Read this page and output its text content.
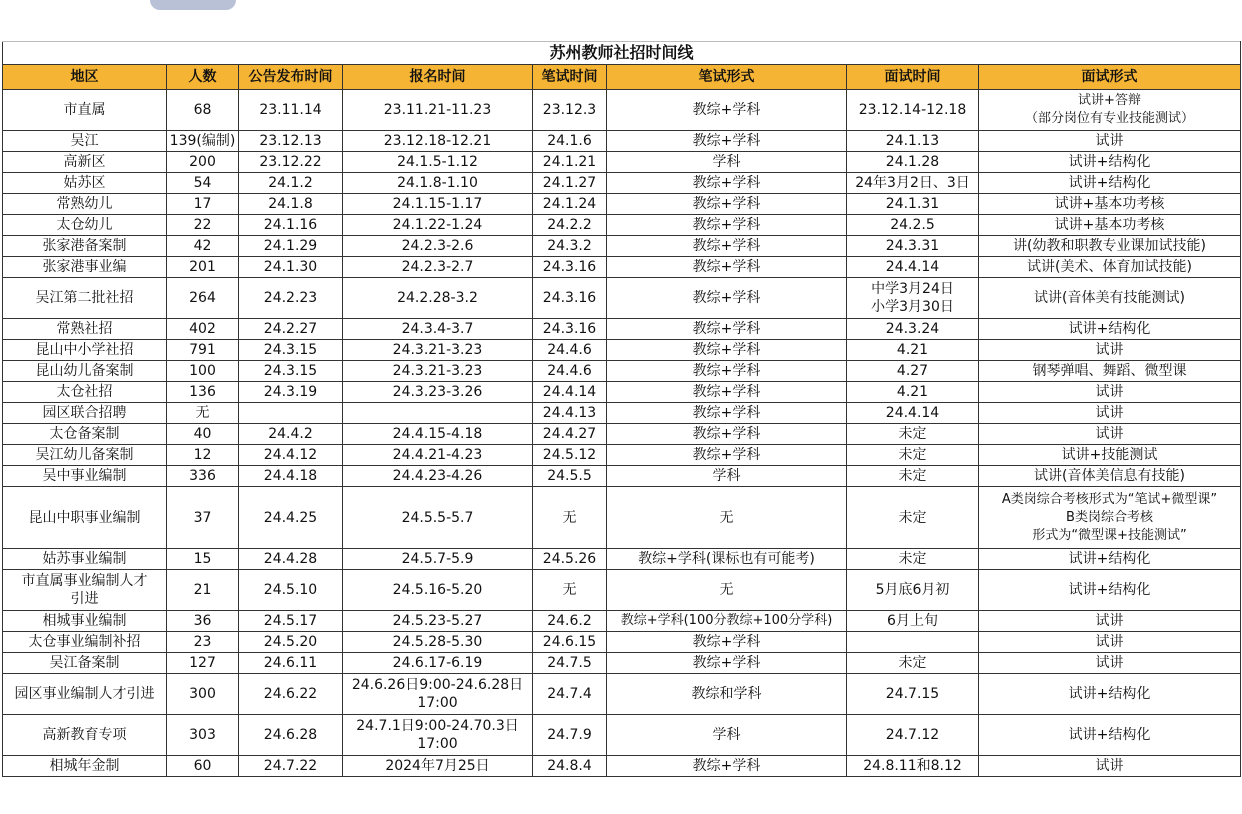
苏州教师社招时间线							
地区	人数	公告发布时间	报名时间	笔试时间	笔试形式	面试时间	面试形式
市直属	68	23.11.14	23.11.21-11.23	23.12.3	教综+学科	23.12.14-12.18	试讲+答辩
（部分岗位有专业技能测试）
吴江	139(编制)	23.12.13	23.12.18-12.21	24.1.6	教综+学科	24.1.13	试讲
高新区	200	23.12.22	24.1.5-1.12	24.1.21	学科	24.1.28	试讲+结构化
姑苏区	54	24.1.2	24.1.8-1.10	24.1.27	教综+学科	24年3月2日、3日	试讲+结构化
常熟幼儿	17	24.1.8	24.1.15-1.17	24.1.24	教综+学科	24.1.31	试讲+基本功考核
太仓幼儿	22	24.1.16	24.1.22-1.24	24.2.2	教综+学科	24.2.5	试讲+基本功考核
张家港备案制	42	24.1.29	24.2.3-2.6	24.3.2	教综+学科	24.3.31	讲(幼教和职教专业课加试技能)
张家港事业编	201	24.1.30	24.2.3-2.7	24.3.16	教综+学科	24.4.14	试讲(美术、体育加试技能)
吴江第二批社招	264	24.2.23	24.2.28-3.2	24.3.16	教综+学科	中学3月24日
小学3月30日	试讲(音体美有技能测试)
常熟社招	402	24.2.27	24.3.4-3.7	24.3.16	教综+学科	24.3.24	试讲+结构化
昆山中小学社招	791	24.3.15	24.3.21-3.23	24.4.6	教综+学科	4.21	试讲
昆山幼儿备案制	100	24.3.15	24.3.21-3.23	24.4.6	教综+学科	4.27	钢琴弹唱、舞蹈、微型课
太仓社招	136	24.3.19	24.3.23-3.26	24.4.14	教综+学科	4.21	试讲
园区联合招聘	无			24.4.13	教综+学科	24.4.14	试讲
太仓备案制	40	24.4.2	24.4.15-4.18	24.4.27	教综+学科	未定	试讲
吴江幼儿备案制	12	24.4.12	24.4.21-4.23	24.5.12	教综+学科	未定	试讲+技能测试
吴中事业编制	336	24.4.18	24.4.23-4.26	24.5.5	学科	未定	试讲(音体美信息有技能)
昆山中职事业编制	37	24.4.25	24.5.5-5.7	无	无	未定	A类岗综合考核形式为“笔试+微型课”
B类岗综合考核
形式为“微型课+技能测试”
姑苏事业编制	15	24.4.28	24.5.7-5.9	24.5.26	教综+学科(课标也有可能考)	未定	试讲+结构化
市直属事业编制人才
引进	21	24.5.10	24.5.16-5.20	无	无	5月底6月初	试讲+结构化
相城事业编制	36	24.5.17	24.5.23-5.27	24.6.2	教综+学科(100分教综+100分学科)	6月上旬	试讲
太仓事业编制补招	23	24.5.20	24.5.28-5.30	24.6.15	教综+学科		试讲
吴江备案制	127	24.6.11	24.6.17-6.19	24.7.5	教综+学科	未定	试讲
园区事业编制人才引进	300	24.6.22	24.6.26日9:00-24.6.28日
17:00	24.7.4	教综和学科	24.7.15	试讲+结构化
高新教育专项	303	24.6.28	24.7.1日9:00-24.70.3日
17:00	24.7.9	学科	24.7.12	试讲+结构化
相城年金制	60	24.7.22	2024年7月25日	24.8.4	教综+学科	24.8.11和8.12	试讲
